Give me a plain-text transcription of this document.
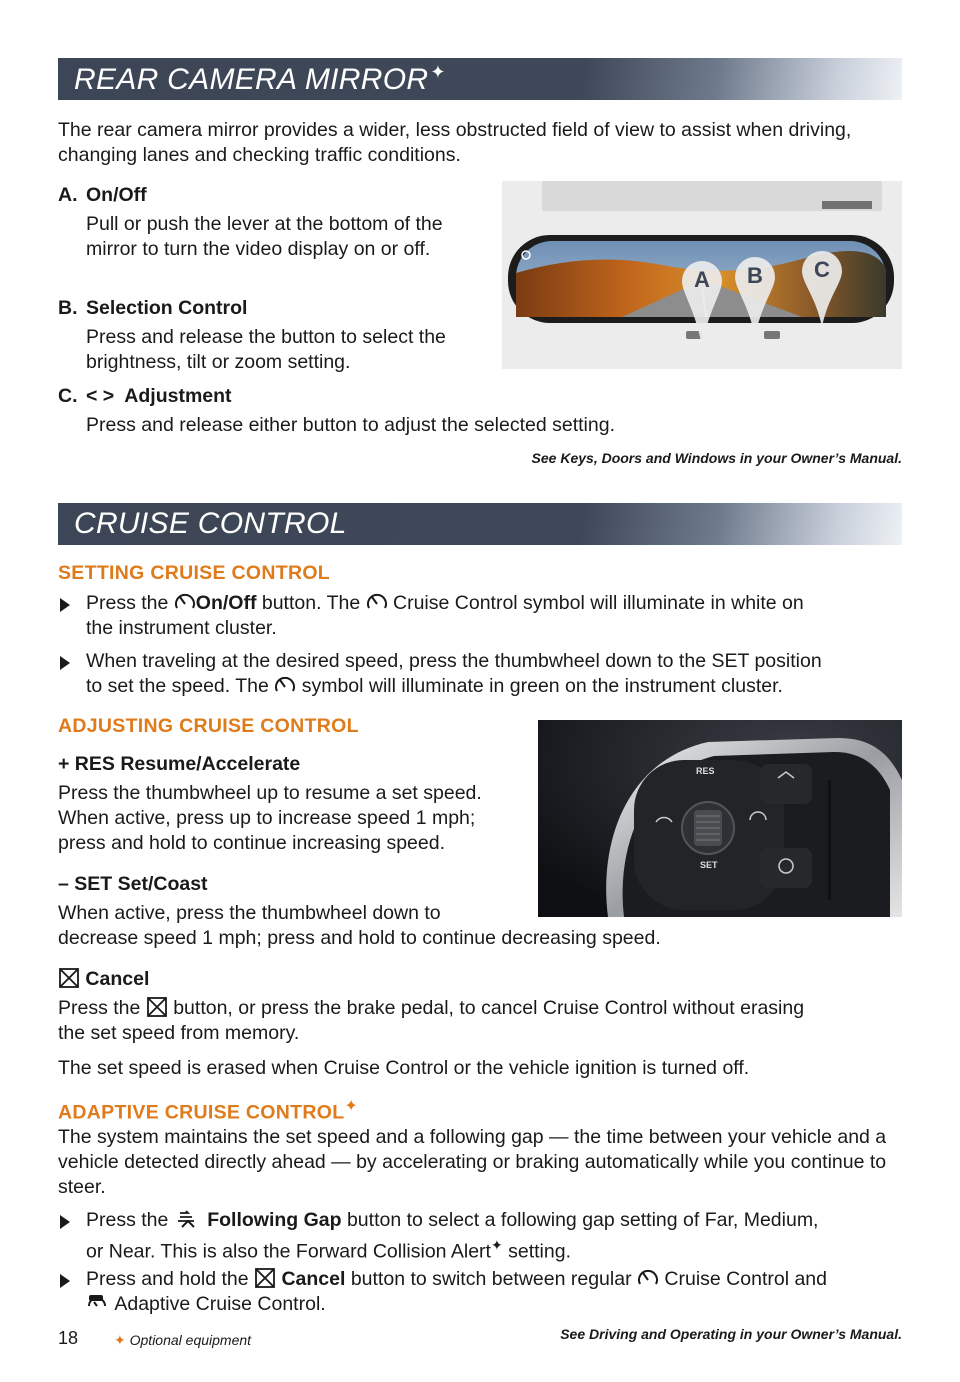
REAR CAMERA MIRROR ✦
The rear camera mirror provides a wider, less obstructed field of view to assist when driving, changing lanes and checking traffic conditions.
A. On/Off
Pull or push the lever at the bottom of the mirror to turn the video display on or off.
B. Selection Control
Press and release the button to select the brightness, tilt or zoom setting.
C. < >  Adjustment
Press and release either button to adjust the selected setting.
See Keys, Doors and Windows in your Owner’s Manual.
A	B	C
CRUISE CONTROL
SETTING CRUISE CONTROL
Press the On/Off button. The  Cruise Control symbol will illuminate in white on
the instrument cluster.
When traveling at the desired speed, press the thumbwheel down to the SET position
to set the speed. The  symbol will illuminate in green on the instrument cluster.
ADJUSTING CRUISE CONTROL
+ RES Resume/Accelerate
Press the thumbwheel up to resume a set speed. When active, press up to increase speed 1 mph; press and hold to continue increasing speed.
– SET Set/Coast
When active, press the thumbwheel down to
decrease speed 1 mph; press and hold to continue decreasing speed.
Cancel
Press the  button, or press the brake pedal, to cancel Cruise Control without erasing
the set speed from memory.
The set speed is erased when Cruise Control or the vehicle ignition is turned off.
RES
SET
ADAPTIVE CRUISE CONTROL✦
The system maintains the set speed and a following gap — the time between your vehicle and a vehicle detected directly ahead — by accelerating or braking automatically while you continue to steer.
Press the  Following Gap button to select a following gap setting of Far, Medium,
or Near. This is also the Forward Collision Alert✦ setting.
Press and hold the  Cancel button to switch between regular  Cruise Control and
Adaptive Cruise Control.
18	✦ Optional equipment	See Driving and Operating in your Owner’s Manual.
